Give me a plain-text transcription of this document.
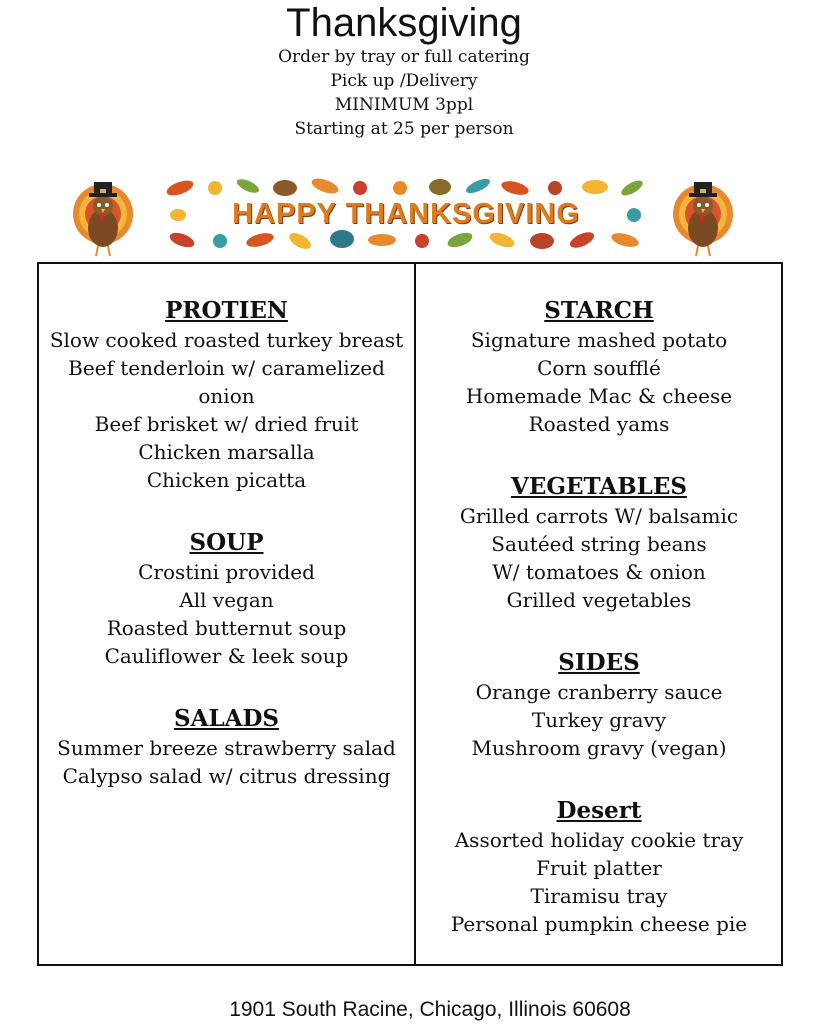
Thanksgiving
Order by tray or full catering
Pick up /Delivery
MINIMUM 3ppl
Starting at 25 per person
HAPPY THANKSGIVING
PROTIEN
Slow cooked roasted turkey breast
Beef tenderloin w/ caramelized
onion
Beef brisket w/ dried fruit
Chicken marsalla
Chicken picatta
SOUP
Crostini provided
All vegan
Roasted butternut soup
Cauliflower & leek soup
SALADS
Summer breeze strawberry salad
Calypso salad w/ citrus dressing
STARCH
Signature mashed potato
Corn soufflé
Homemade Mac & cheese
Roasted yams
VEGETABLES
Grilled carrots W/ balsamic
Sautéed string beans
W/ tomatoes & onion
Grilled vegetables
SIDES
Orange cranberry sauce
Turkey gravy
Mushroom gravy (vegan)
Desert
Assorted holiday cookie tray
Fruit platter
Tiramisu tray
Personal pumpkin cheese pie
1901 South Racine, Chicago, Illinois 60608
